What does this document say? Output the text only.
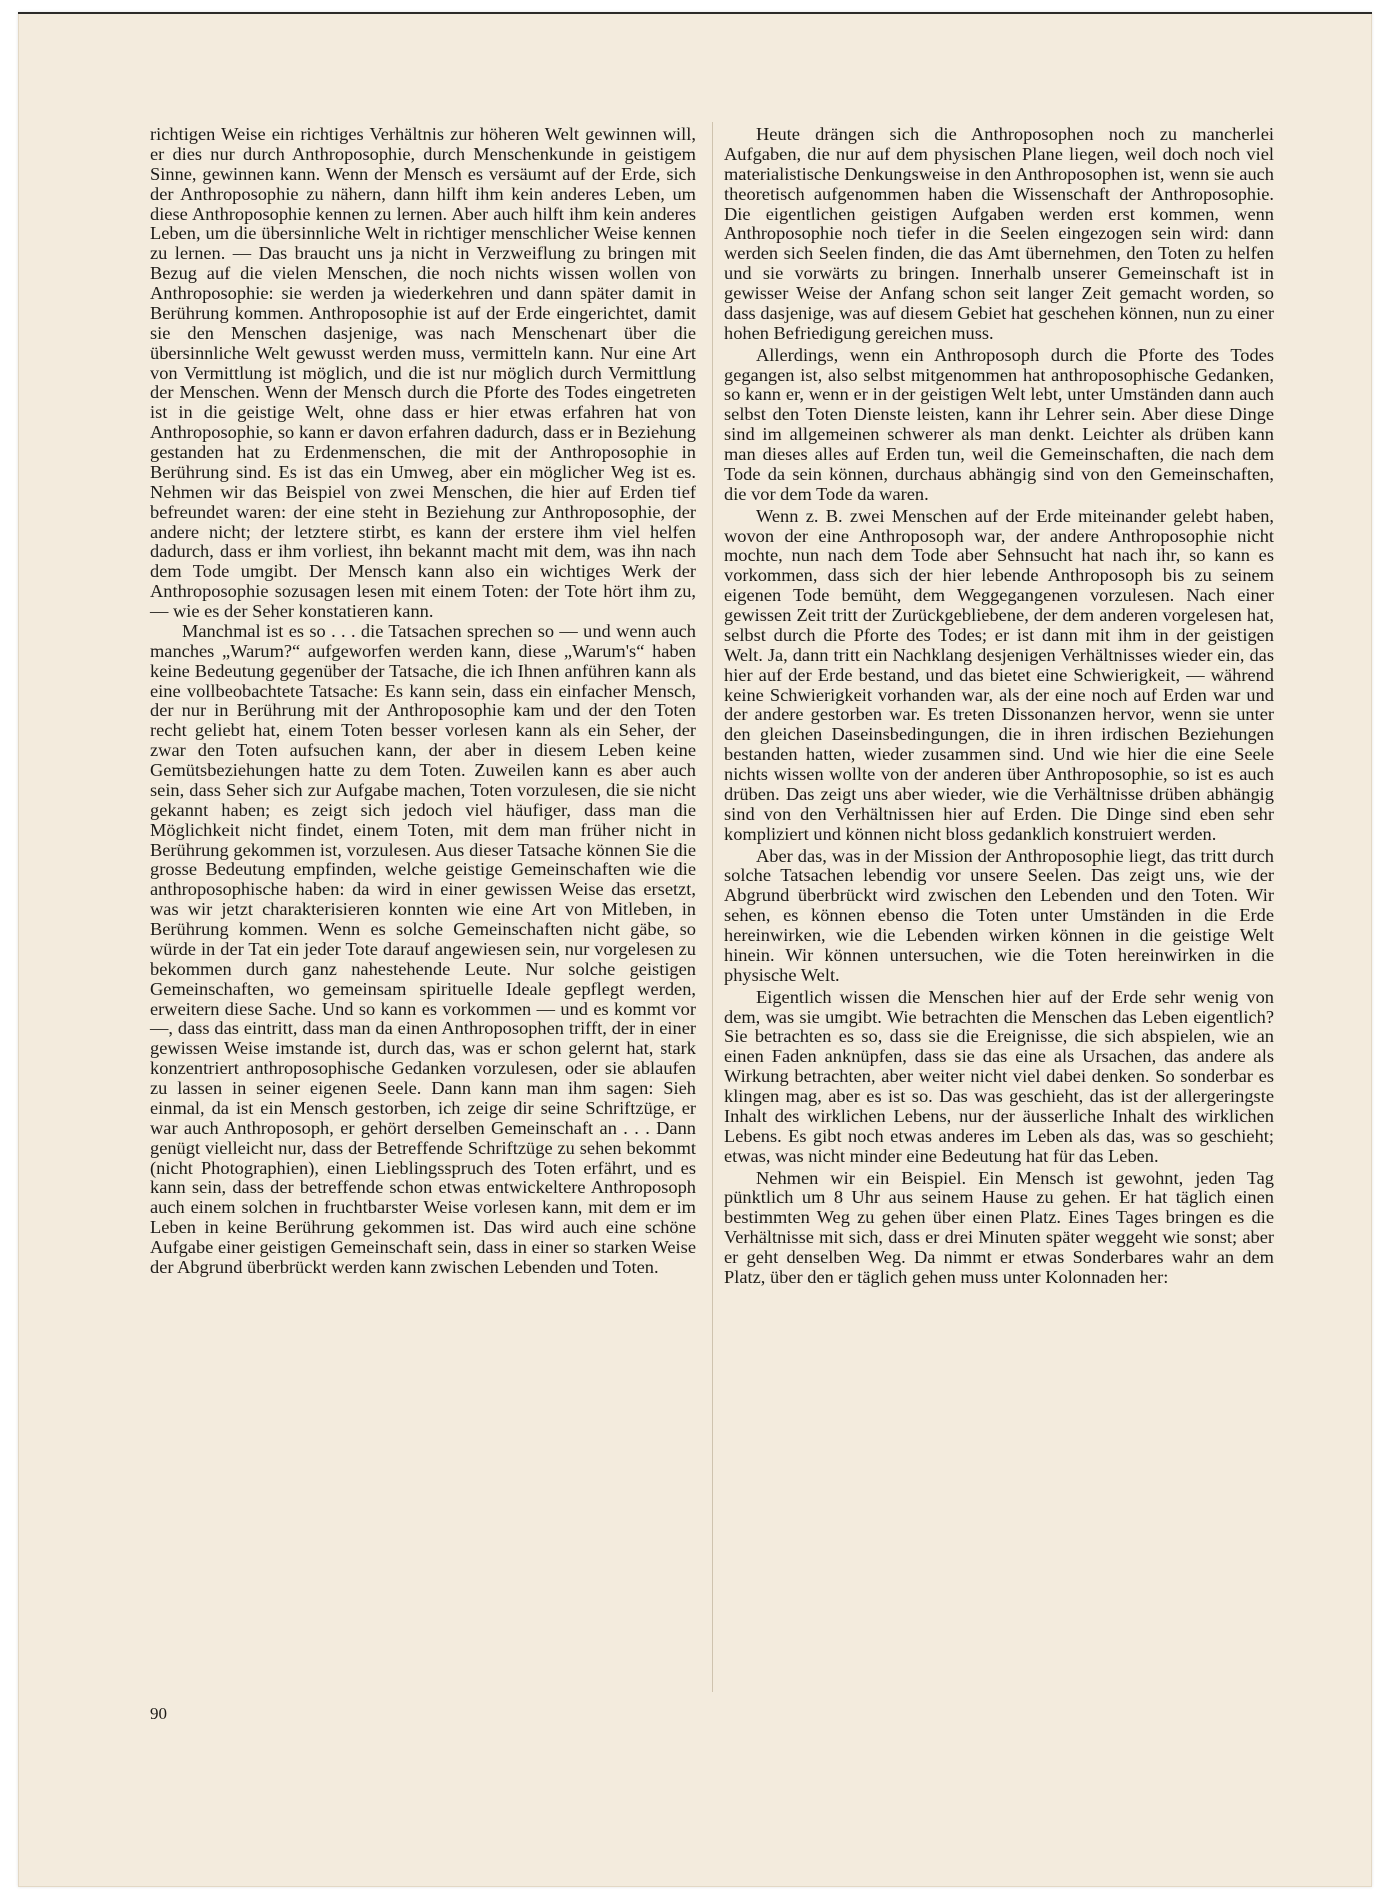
richtigen Weise ein richtiges Verhältnis zur höheren Welt gewinnen will, er dies nur durch Anthroposophie, durch Menschenkunde in geistigem Sinne, gewinnen kann. Wenn der Mensch es versäumt auf der Erde, sich der Anthroposophie zu nähern, dann hilft ihm kein anderes Leben, um diese Anthroposophie kennen zu lernen. Aber auch hilft ihm kein anderes Leben, um die übersinnliche Welt in richtiger menschlicher Weise kennen zu lernen. — Das braucht uns ja nicht in Verzweiflung zu bringen mit Bezug auf die vielen Menschen, die noch nichts wissen wollen von Anthroposophie: sie werden ja wiederkehren und dann später damit in Berührung kommen. Anthroposophie ist auf der Erde eingerichtet, damit sie den Menschen dasjenige, was nach Menschenart über die übersinnliche Welt gewusst werden muss, vermitteln kann. Nur eine Art von Vermittlung ist möglich, und die ist nur möglich durch Vermittlung der Menschen. Wenn der Mensch durch die Pforte des Todes eingetreten ist in die geistige Welt, ohne dass er hier etwas erfahren hat von Anthroposophie, so kann er davon erfahren dadurch, dass er in Beziehung gestanden hat zu Erdenmenschen, die mit der Anthroposophie in Berührung sind. Es ist das ein Umweg, aber ein möglicher Weg ist es. Nehmen wir das Beispiel von zwei Menschen, die hier auf Erden tief befreundet waren: der eine steht in Beziehung zur Anthroposophie, der andere nicht; der letztere stirbt, es kann der erstere ihm viel helfen dadurch, dass er ihm vorliest, ihn bekannt macht mit dem, was ihn nach dem Tode umgibt. Der Mensch kann also ein wichtiges Werk der Anthroposophie sozusagen lesen mit einem Toten: der Tote hört ihm zu, — wie es der Seher konstatieren kann.

Manchmal ist es so . . . die Tatsachen sprechen so — und wenn auch manches „Warum?“ aufgeworfen werden kann, diese „Warum's“ haben keine Bedeutung gegenüber der Tatsache, die ich Ihnen anführen kann als eine vollbeobachtete Tatsache: Es kann sein, dass ein einfacher Mensch, der nur in Berührung mit der Anthroposophie kam und der den Toten recht geliebt hat, einem Toten besser vorlesen kann als ein Seher, der zwar den Toten aufsuchen kann, der aber in diesem Leben keine Gemütsbeziehungen hatte zu dem Toten. Zuweilen kann es aber auch sein, dass Seher sich zur Aufgabe machen, Toten vorzulesen, die sie nicht gekannt haben; es zeigt sich jedoch viel häufiger, dass man die Möglichkeit nicht findet, einem Toten, mit dem man früher nicht in Berührung gekommen ist, vorzulesen. Aus dieser Tatsache können Sie die grosse Bedeutung empfinden, welche geistige Gemeinschaften wie die anthroposophische haben: da wird in einer gewissen Weise das ersetzt, was wir jetzt charakterisieren konnten wie eine Art von Mitleben, in Berührung kommen. Wenn es solche Gemeinschaften nicht gäbe, so würde in der Tat ein jeder Tote darauf angewiesen sein, nur vorgelesen zu bekommen durch ganz nahestehende Leute. Nur solche geistigen Gemeinschaften, wo gemeinsam spirituelle Ideale gepflegt werden, erweitern diese Sache. Und so kann es vorkommen — und es kommt vor —, dass das eintritt, dass man da einen Anthroposophen trifft, der in einer gewissen Weise imstande ist, durch das, was er schon gelernt hat, stark konzentriert anthroposophische Gedanken vorzulesen, oder sie ablaufen zu lassen in seiner eigenen Seele. Dann kann man ihm sagen: Sieh einmal, da ist ein Mensch gestorben, ich zeige dir seine Schriftzüge, er war auch Anthroposoph, er gehört derselben Gemeinschaft an . . . Dann genügt vielleicht nur, dass der Betreffende Schriftzüge zu sehen bekommt (nicht Photographien), einen Lieblingsspruch des Toten erfährt, und es kann sein, dass der betreffende schon etwas entwickeltere Anthroposoph auch einem solchen in fruchtbarster Weise vorlesen kann, mit dem er im Leben in keine Berührung gekommen ist. Das wird auch eine schöne Aufgabe einer geistigen Gemeinschaft sein, dass in einer so starken Weise der Abgrund überbrückt werden kann zwischen Lebenden und Toten.

Heute drängen sich die Anthroposophen noch zu mancherlei Aufgaben, die nur auf dem physischen Plane liegen, weil doch noch viel materialistische Denkungsweise in den Anthroposophen ist, wenn sie auch theoretisch aufgenommen haben die Wissenschaft der Anthroposophie. Die eigentlichen geistigen Aufgaben werden erst kommen, wenn Anthroposophie noch tiefer in die Seelen eingezogen sein wird: dann werden sich Seelen finden, die das Amt übernehmen, den Toten zu helfen und sie vorwärts zu bringen. Innerhalb unserer Gemeinschaft ist in gewisser Weise der Anfang schon seit langer Zeit gemacht worden, so dass dasjenige, was auf diesem Gebiet hat geschehen können, nun zu einer hohen Befriedigung gereichen muss.

Allerdings, wenn ein Anthroposoph durch die Pforte des Todes gegangen ist, also selbst mitgenommen hat anthroposophische Gedanken, so kann er, wenn er in der geistigen Welt lebt, unter Umständen dann auch selbst den Toten Dienste leisten, kann ihr Lehrer sein. Aber diese Dinge sind im allgemeinen schwerer als man denkt. Leichter als drüben kann man dieses alles auf Erden tun, weil die Gemeinschaften, die nach dem Tode da sein können, durchaus abhängig sind von den Gemeinschaften, die vor dem Tode da waren.

Wenn z. B. zwei Menschen auf der Erde miteinander gelebt haben, wovon der eine Anthroposoph war, der andere Anthroposophie nicht mochte, nun nach dem Tode aber Sehnsucht hat nach ihr, so kann es vorkommen, dass sich der hier lebende Anthroposoph bis zu seinem eigenen Tode bemüht, dem Weggegangenen vorzulesen. Nach einer gewissen Zeit tritt der Zurückgebliebene, der dem anderen vorgelesen hat, selbst durch die Pforte des Todes; er ist dann mit ihm in der geistigen Welt. Ja, dann tritt ein Nachklang desjenigen Verhältnisses wieder ein, das hier auf der Erde bestand, und das bietet eine Schwierigkeit, — während keine Schwierigkeit vorhanden war, als der eine noch auf Erden war und der andere gestorben war. Es treten Dissonanzen hervor, wenn sie unter den gleichen Daseinsbedingungen, die in ihren irdischen Beziehungen bestanden hatten, wieder zusammen sind. Und wie hier die eine Seele nichts wissen wollte von der anderen über Anthroposophie, so ist es auch drüben. Das zeigt uns aber wieder, wie die Verhältnisse drüben abhängig sind von den Verhältnissen hier auf Erden. Die Dinge sind eben sehr kompliziert und können nicht bloss gedanklich konstruiert werden.

Aber das, was in der Mission der Anthroposophie liegt, das tritt durch solche Tatsachen lebendig vor unsere Seelen. Das zeigt uns, wie der Abgrund überbrückt wird zwischen den Lebenden und den Toten. Wir sehen, es können ebenso die Toten unter Umständen in die Erde hereinwirken, wie die Lebenden wirken können in die geistige Welt hinein. Wir können untersuchen, wie die Toten hereinwirken in die physische Welt.

Eigentlich wissen die Menschen hier auf der Erde sehr wenig von dem, was sie umgibt. Wie betrachten die Menschen das Leben eigentlich? Sie betrachten es so, dass sie die Ereignisse, die sich abspielen, wie an einen Faden anknüpfen, dass sie das eine als Ursachen, das andere als Wirkung betrachten, aber weiter nicht viel dabei denken. So sonderbar es klingen mag, aber es ist so. Das was geschieht, das ist der allergeringste Inhalt des wirklichen Lebens, nur der äusserliche Inhalt des wirklichen Lebens. Es gibt noch etwas anderes im Leben als das, was so geschieht; etwas, was nicht minder eine Bedeutung hat für das Leben.

Nehmen wir ein Beispiel. Ein Mensch ist gewohnt, jeden Tag pünktlich um 8 Uhr aus seinem Hause zu gehen. Er hat täglich einen bestimmten Weg zu gehen über einen Platz. Eines Tages bringen es die Verhältnisse mit sich, dass er drei Minuten später weggeht wie sonst; aber er geht denselben Weg. Da nimmt er etwas Sonderbares wahr an dem Platz, über den er täglich gehen muss unter Kolonnaden her:

90
